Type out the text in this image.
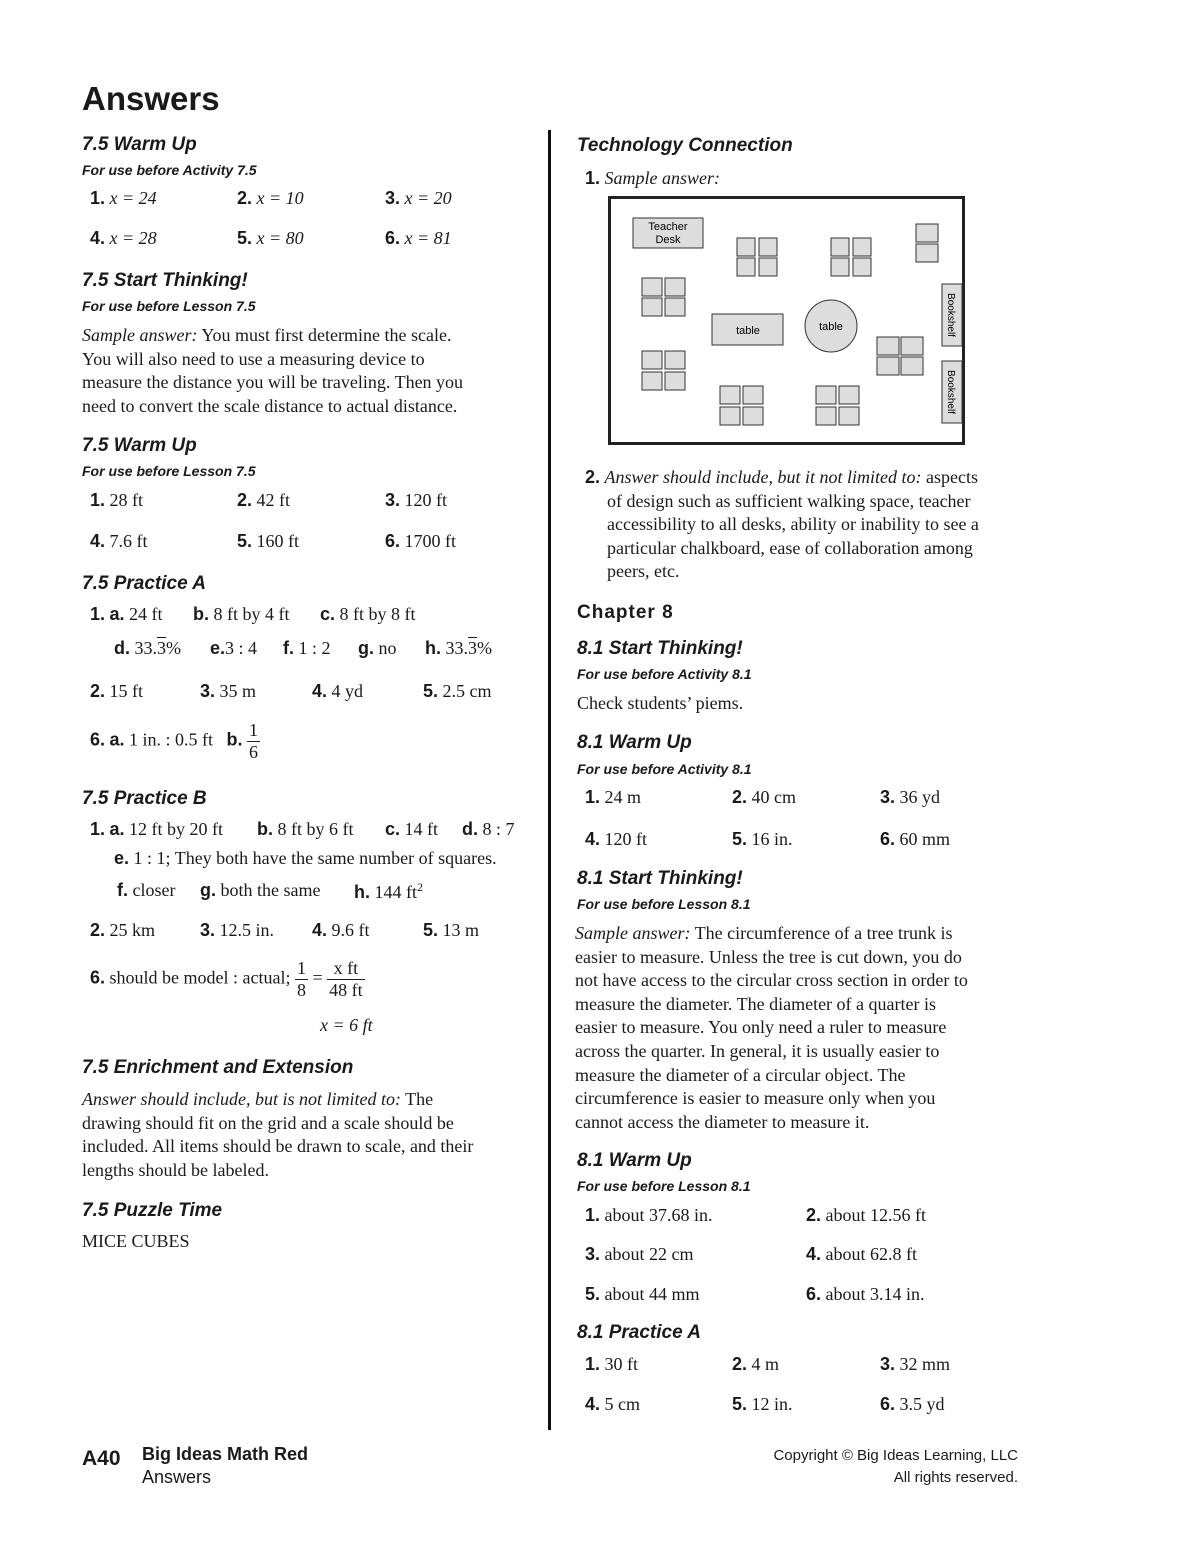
Answers
7.5 Warm Up
For use before Activity 7.5
1. x = 24	2. x = 10	3. x = 20
4. x = 28	5. x = 80	6. x = 81
7.5 Start Thinking!
For use before Lesson 7.5
Sample answer: You must first determine the scale.
You will also need to use a measuring device to
measure the distance you will be traveling. Then you
need to convert the scale distance to actual distance.
7.5 Warm Up
For use before Lesson 7.5
1. 28 ft	2. 42 ft	3. 120 ft
4. 7.6 ft	5. 160 ft	6. 1700 ft
7.5 Practice A
1. a. 24 ft b. 8 ft by 4 ft c. 8 ft by 8 ft
d. 33.3% e.3 : 4 f. 1 : 2 g. no h. 33.3%
2. 15 ft	3. 35 m	4. 4 yd	5. 2.5 cm
6. a. 1 in. : 0.5 ft b. $\frac{1}{6}$
7.5 Practice B
1. a. 12 ft by 20 ft b. 8 ft by 6 ft c. 14 ft d. 8 : 7
e. 1 : 1; They both have the same number of squares.
f. closer g. both the same h. 144 $ft^2$
2. 25 km 3. 12.5 in. 4. 9.6 ft	5. 13 m
6. should be model : actual; $\frac{1}{8} = \frac{\text{x ft}}{48 ft}$
x = 6 ft
7.5 Enrichment and Extension
Answer should include, but is not limited to: The
drawing should fit on the grid and a scale should be
included. All items should be drawn to scale, and their
lengths should be labeled.
7.5 Puzzle Time
MICE CUBES
Technology Connection
1. Sample answer:
Teacher
Desk
table	table	Bookshelf
Bookshelf
2. Answer should include, but it not limited to: aspects
of design such as sufficient walking space, teacher
accessibility to all desks, ability or inability to see a
particular chalkboard, ease of collaboration among
peers, etc.
Chapter 8
8.1 Start Thinking!
For use before Activity 8.1
Check students’ piems.
8.1 Warm Up
For use before Activity 8.1
1. 24 m	2. 40 cm	3. 36 yd
4. 120 ft	5. 16 in.	6. 60 mm
8.1 Start Thinking!
For use before Lesson 8.1
Sample answer: The circumference of a tree trunk is
easier to measure. Unless the tree is cut down, you do
not have access to the circular cross section in order to
measure the diameter. The diameter of a quarter is
easier to measure. You only need a ruler to measure
across the quarter. In general, it is usually easier to
measure the diameter of a circular object. The
circumference is easier to measure only when you
cannot access the diameter to measure it.
8.1 Warm Up
For use before Lesson 8.1
1. about 37.68 in.	2. about 12.56 ft
3. about 22 cm	4. about 62.8 ft
5. about 44 mm	6. about 3.14 in.
8.1 Practice A
1. 30 ft	2. 4 m	3. 32 mm
4. 5 cm	5. 12 in.	6. 3.5 yd
A40 Big Ideas Math Red
Answers
Copyright © Big Ideas Learning, LLC
All rights reserved.
